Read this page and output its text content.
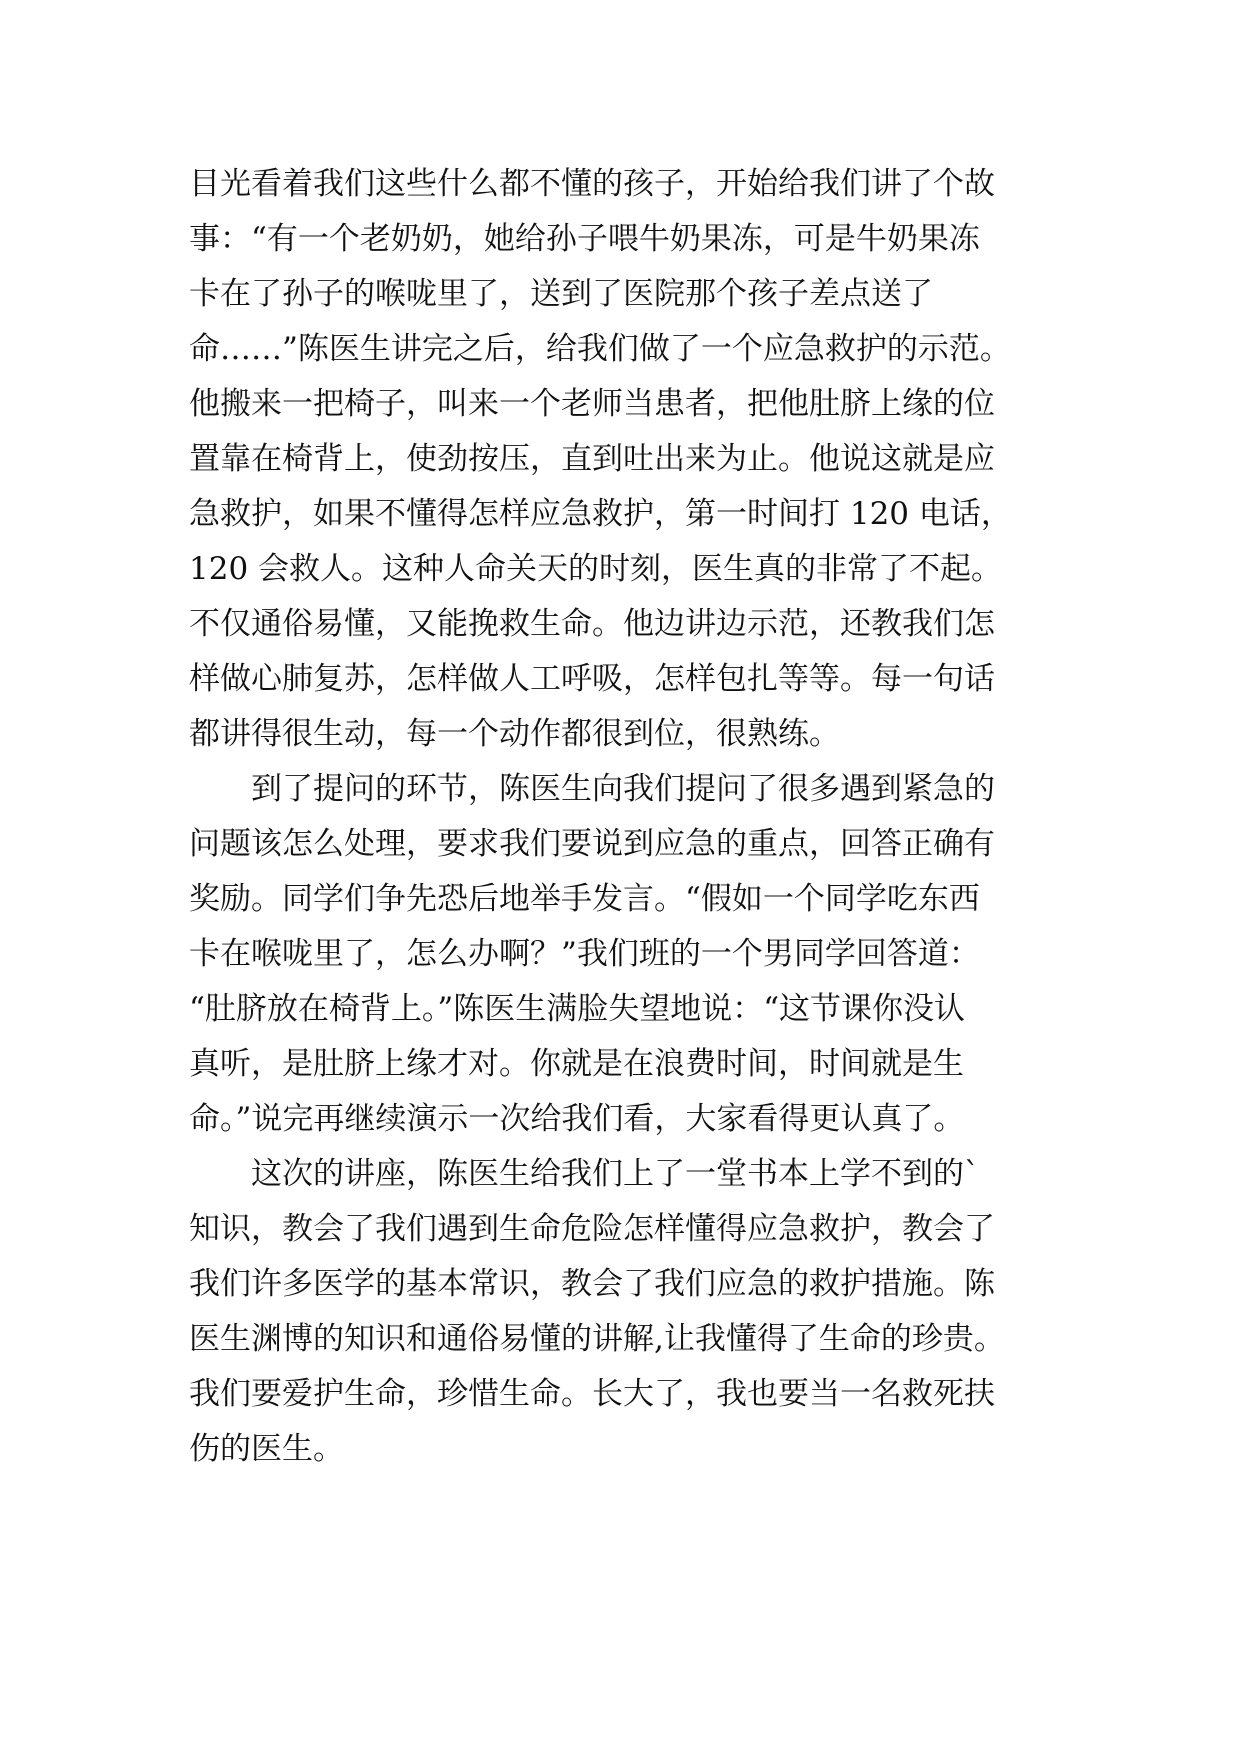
目光看着我们这些什么都不懂的孩子，开始给我们讲了个故
事：“有一个老奶奶，她给孙子喂牛奶果冻，可是牛奶果冻
卡在了孙子的喉咙里了，送到了医院那个孩子差点送了
命……”陈医生讲完之后，给我们做了一个应急救护的示范。
他搬来一把椅子，叫来一个老师当患者，把他肚脐上缘的位
置靠在椅背上，使劲按压，直到吐出来为止。他说这就是应
急救护，如果不懂得怎样应急救护，第一时间打 120 电话，
120 会救人。这种人命关天的时刻，医生真的非常了不起。
不仅通俗易懂，又能挽救生命。他边讲边示范，还教我们怎
样做心肺复苏，怎样做人工呼吸，怎样包扎等等。每一句话
都讲得很生动，每一个动作都很到位，很熟练。
到了提问的环节，陈医生向我们提问了很多遇到紧急的
问题该怎么处理，要求我们要说到应急的重点，回答正确有
奖励。同学们争先恐后地举手发言。“假如一个同学吃东西
卡在喉咙里了，怎么办啊？”我们班的一个男同学回答道：
“肚脐放在椅背上。”陈医生满脸失望地说：“这节课你没认
真听，是肚脐上缘才对。你就是在浪费时间，时间就是生
命。”说完再继续演示一次给我们看，大家看得更认真了。
这次的讲座，陈医生给我们上了一堂书本上学不到的`
知识，教会了我们遇到生命危险怎样懂得应急救护，教会了
我们许多医学的基本常识，教会了我们应急的救护措施。陈
医生渊博的知识和通俗易懂的讲解,让我懂得了生命的珍贵。
我们要爱护生命，珍惜生命。长大了，我也要当一名救死扶
伤的医生。
